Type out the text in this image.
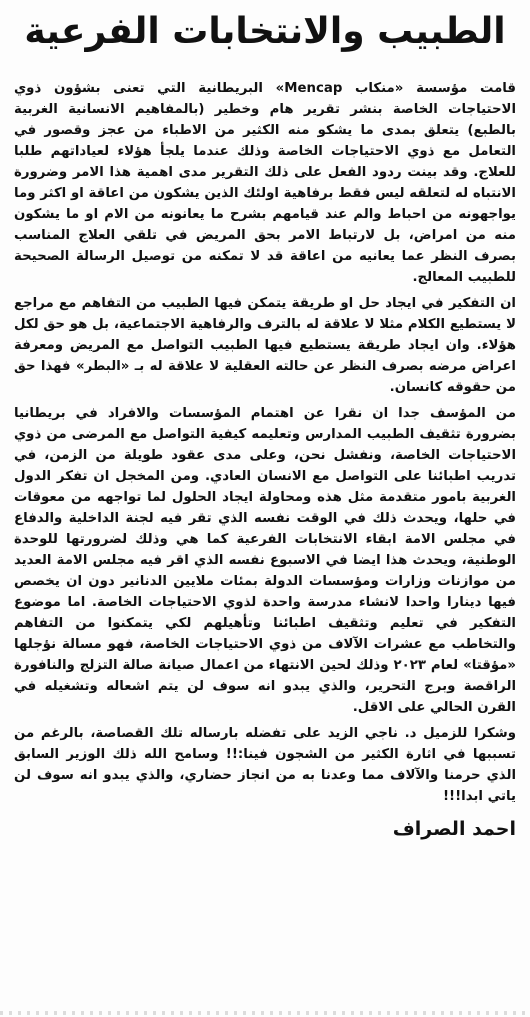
الطبيب والانتخابات الفرعية

قامت مؤسسة «منكاب Mencap» البريطانية التي تعنى بشؤون ذوي الاحتياجات الخاصة بنشر تقرير هام وخطير (بالمفاهيم الانسانية الغربية بالطبع) يتعلق بمدى ما يشكو منه الكثير من الاطباء من عجز وقصور في التعامل مع ذوي الاحتياجات الخاصة وذلك عندما يلجأ هؤلاء لعياداتهم طلبا للعلاج. وقد بينت ردود الفعل على ذلك التقرير مدى اهمية هذا الامر وضرورة الانتباه له لتعلقه ليس فقط برفاهية اولئك الذين يشكون من اعاقة او اكثر وما يواجهونه من احباط والم عند قيامهم بشرح ما يعانونه من الام او ما يشكون منه من امراض، بل لارتباط الامر بحق المريض في تلقي العلاج المناسب بصرف النظر عما يعانيه من اعاقة قد لا تمكنه من توصيل الرسالة الصحيحة للطبيب المعالج.

ان التفكير في ايجاد حل او طريقة يتمكن فيها الطبيب من التفاهم مع مراجع لا يستطيع الكلام مثلا لا علاقة له بالترف والرفاهية الاجتماعية، بل هو حق لكل هؤلاء. وان ايجاد طريقة يستطيع فيها الطبيب التواصل مع المريض ومعرفة اعراض مرضه بصرف النظر عن حالته العقلية لا علاقة له بـ «البطر» فهذا حق من حقوقه كانسان.

من المؤسف جدا ان نقرا عن اهتمام المؤسسات والافراد في بريطانيا بضرورة تثقيف الطبيب المدارس وتعليمه كيفية التواصل مع المرضى من ذوي الاحتياجات الخاصة، ونفشل نحن، وعلى مدى عقود طويلة من الزمن، في تدريب اطبائنا على التواصل مع الانسان العادي. ومن المخجل ان تفكر الدول الغربية بامور متقدمة مثل هذه ومحاولة ايجاد الحلول لما تواجهه من معوقات في حلها، ويحدث ذلك في الوقت نفسه الذي تقر فيه لجنة الداخلية والدفاع في مجلس الامة ابقاء الانتخابات الفرعية كما هي وذلك لضرورتها للوحدة الوطنية، ويحدث هذا ايضا في الاسبوع نفسه الذي اقر فيه مجلس الامة العديد من موازنات وزارات ومؤسسات الدولة بمئات ملايين الدنانير دون ان يخصص فيها دينارا واحدا لانشاء مدرسة واحدة لذوي الاحتياجات الخاصة. اما موضوع التفكير في تعليم وتثقيف اطبائنا وتأهيلهم لكي يتمكنوا من التفاهم والتخاطب مع عشرات الآلاف من ذوي الاحتياجات الخاصة، فهو مسالة نؤجلها «مؤقتا» لعام ٢٠٢٣ وذلك لحين الانتهاء من اعمال صيانة صالة التزلج والنافورة الراقصة وبرج التحرير، والذي يبدو انه سوف لن يتم اشعاله وتشغيله في القرن الحالي على الاقل.

وشكرا للزميل د. ناجي الزيد على تفضله بارساله تلك القصاصة، بالرغم من تسببها في اثارة الكثير من الشجون فينا:!! وسامح الله ذلك الوزير السابق الذي حرمنا والآلاف مما وعدنا به من انجاز حضاري، والذي يبدو انه سوف لن ياتي ابدا!!!

احمد الصراف
